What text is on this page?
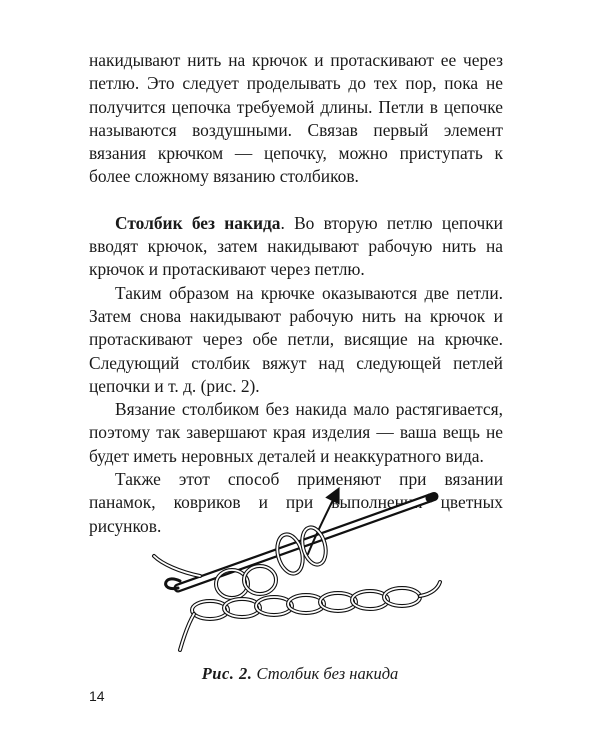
накидывают нить на крючок и протаскивают ее через петлю. Это следует проделывать до тех пор, пока не получится цепочка требуемой длины. Петли в цепочке называются воздушными. Связав первый элемент вязания крючком — цепочку, можно приступать к более сложному вязанию столбиков.

Столбик без накида. Во вторую петлю цепочки вводят крючок, затем накидывают рабочую нить на крючок и протаскивают через петлю.

Таким образом на крючке оказываются две петли. Затем снова накидывают рабочую нить на крючок и протаскивают через обе петли, висящие на крючке. Следующий столбик вяжут над следующей петлей цепочки и т. д. (рис. 2).

Вязание столбиком без накида мало растягивается, поэтому так завершают края изделия — ваша вещь не будет иметь неровных деталей и неаккуратного вида.

Также этот способ применяют при вязании панамок, ковриков и при выполнении цветных рисунков.

Рис. 2. Столбик без накида
14
